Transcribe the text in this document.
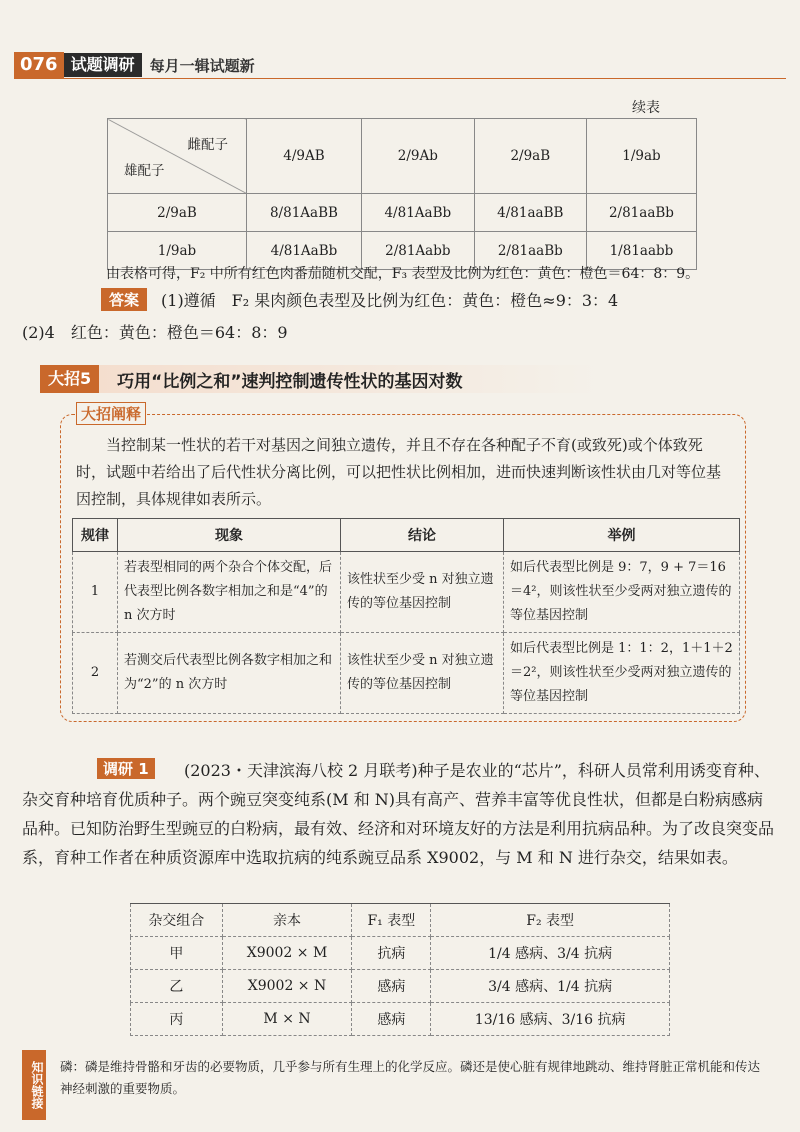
076 试题调研	每月一辑试题新
续表
雌配子
雄配子	4/9AB	2/9Ab	2/9aB	1/9ab
2/9aB	8/81AaBB	4/81AaBb	4/81aaBB	2/81aaBb
1/9ab	4/81AaBb	2/81Aabb	2/81aaBb	1/81aabb
由表格可得，F₂ 中所有红色肉番茄随机交配，F₃ 表型及比例为红色：黄色：橙色＝64：8：9。
答案	(1)遵循　F₂ 果肉颜色表型及比例为红色：黄色：橙色≈9：3：4
(2)4　红色：黄色：橙色＝64：8：9
大招5	巧用“比例之和”速判控制遗传性状的基因对数
大招阐释
当控制某一性状的若干对基因之间独立遗传，并且不存在各种配子不育(或致死)或个体致死时，试题中若给出了后代性状分离比例，可以把性状比例相加，进而快速判断该性状由几对等位基因控制，具体规律如表所示。
规律	现象	结论	举例
1	若表型相同的两个杂合个体交配，后代表型比例各数字相加之和是“4”的 n 次方时	该性状至少受 n 对独立遗传的等位基因控制	如后代表型比例是 9：7，9 + 7＝16＝4²，则该性状至少受两对独立遗传的等位基因控制
2	若测交后代表型比例各数字相加之和为“2”的 n 次方时	该性状至少受 n 对独立遗传的等位基因控制	如后代表型比例是 1：1：2，1＋1＋2＝2²，则该性状至少受两对独立遗传的等位基因控制
调研 1	(2023・天津滨海八校 2 月联考)种子是农业的“芯片”，科研人员常利用诱变育种、杂交育种培育优质种子。两个豌豆突变纯系(M 和 N)具有高产、营养丰富等优良性状，但都是白粉病感病品种。已知防治野生型豌豆的白粉病，最有效、经济和对环境友好的方法是利用抗病品种。为了改良突变品系，育种工作者在种质资源库中选取抗病的纯系豌豆品系 X9002，与 M 和 N 进行杂交，结果如表。
杂交组合	亲本	F₁ 表型	F₂ 表型
甲	X9002 × M	抗病	1/4 感病、3/4 抗病
乙	X9002 × N	感病	3/4 感病、1/4 抗病
丙	M × N	感病	13/16 感病、3/16 抗病
知识链接 磷：磷是维持骨骼和牙齿的必要物质，几乎参与所有生理上的化学反应。磷还是使心脏有规律地跳动、维持肾脏正常机能和传达神经刺激的重要物质。
